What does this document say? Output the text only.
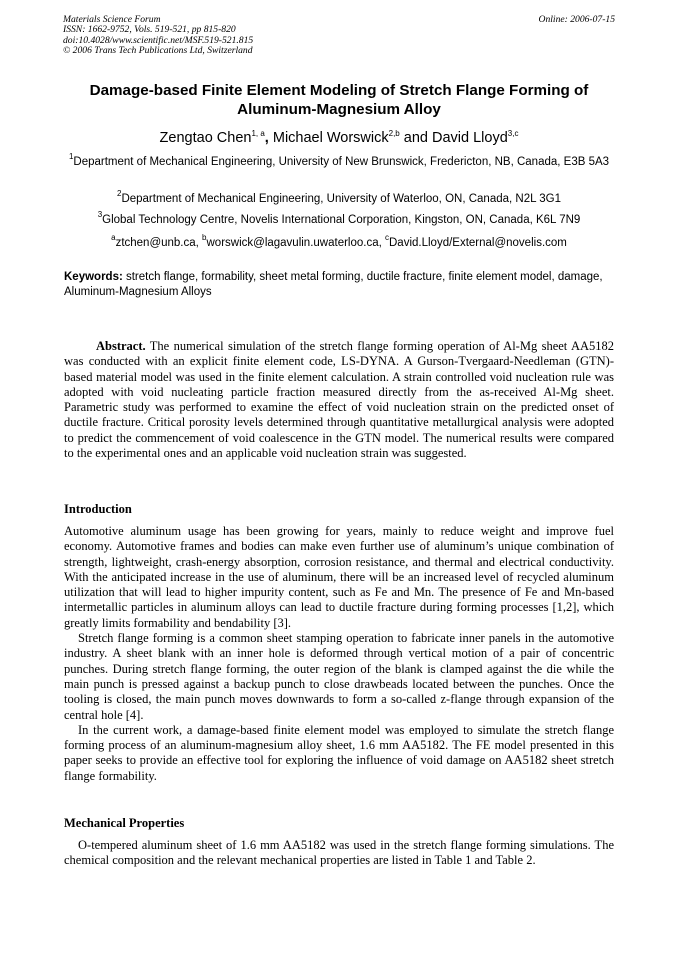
Materials Science Forum
ISSN: 1662-9752, Vols. 519-521, pp 815-820
doi:10.4028/www.scientific.net/MSF.519-521.815
© 2006 Trans Tech Publications Ltd, Switzerland
Online: 2006-07-15
Damage-based Finite Element Modeling of Stretch Flange Forming of Aluminum-Magnesium Alloy
Zengtao Chen$^{1, a}$, Michael Worswick$^{2,b}$ and David Lloyd$^{3,c}$
$^1$Department of Mechanical Engineering, University of New Brunswick, Fredericton, NB, Canada, E3B 5A3
$^2$Department of Mechanical Engineering, University of Waterloo, ON, Canada, N2L 3G1
$^3$Global Technology Centre, Novelis International Corporation, Kingston, ON, Canada, K6L 7N9
$^a$ztchen@unb.ca, $^b$worswick@lagavulin.uwaterloo.ca, $^c$David.Lloyd/External@novelis.com
Keywords: stretch flange, formability, sheet metal forming, ductile fracture, finite element model, damage, Aluminum-Magnesium Alloys
Abstract. The numerical simulation of the stretch flange forming operation of Al-Mg sheet AA5182 was conducted with an explicit finite element code, LS-DYNA. A Gurson-Tvergaard-Needleman (GTN)-based material model was used in the finite element calculation. A strain controlled void nucleation rule was adopted with void nucleating particle fraction measured directly from the as-received Al-Mg sheet. Parametric study was performed to examine the effect of void nucleation strain on the predicted onset of ductile fracture. Critical porosity levels determined through quantitative metallurgical analysis were adopted to predict the commencement of void coalescence in the GTN model. The numerical results were compared to the experimental ones and an applicable void nucleation strain was suggested.
Introduction

Automotive aluminum usage has been growing for years, mainly to reduce weight and improve fuel economy. Automotive frames and bodies can make even further use of aluminum’s unique combination of strength, lightweight, crash-energy absorption, corrosion resistance, and thermal and electrical conductivity. With the anticipated increase in the use of aluminum, there will be an increased level of recycled aluminum utilization that will lead to higher impurity content, such as Fe and Mn. The presence of Fe and Mn-based intermetallic particles in aluminum alloys can lead to ductile fracture during forming processes [1,2], which greatly limits formability and bendability [3].

Stretch flange forming is a common sheet stamping operation to fabricate inner panels in the automotive industry. A sheet blank with an inner hole is deformed through vertical motion of a pair of concentric punches. During stretch flange forming, the outer region of the blank is clamped against the die while the main punch is pressed against a backup punch to close drawbeads located between the punches. Once the tooling is closed, the main punch moves downwards to form a so-called z-flange through expansion of the central hole [4].

In the current work, a damage-based finite element model was employed to simulate the stretch flange forming process of an aluminum-magnesium alloy sheet, 1.6 mm AA5182. The FE model presented in this paper seeks to provide an effective tool for exploring the influence of void damage on AA5182 sheet stretch flange formability.

Mechanical Properties

O-tempered aluminum sheet of 1.6 mm AA5182 was used in the stretch flange forming simulations. The chemical composition and the relevant mechanical properties are listed in Table 1 and Table 2.
